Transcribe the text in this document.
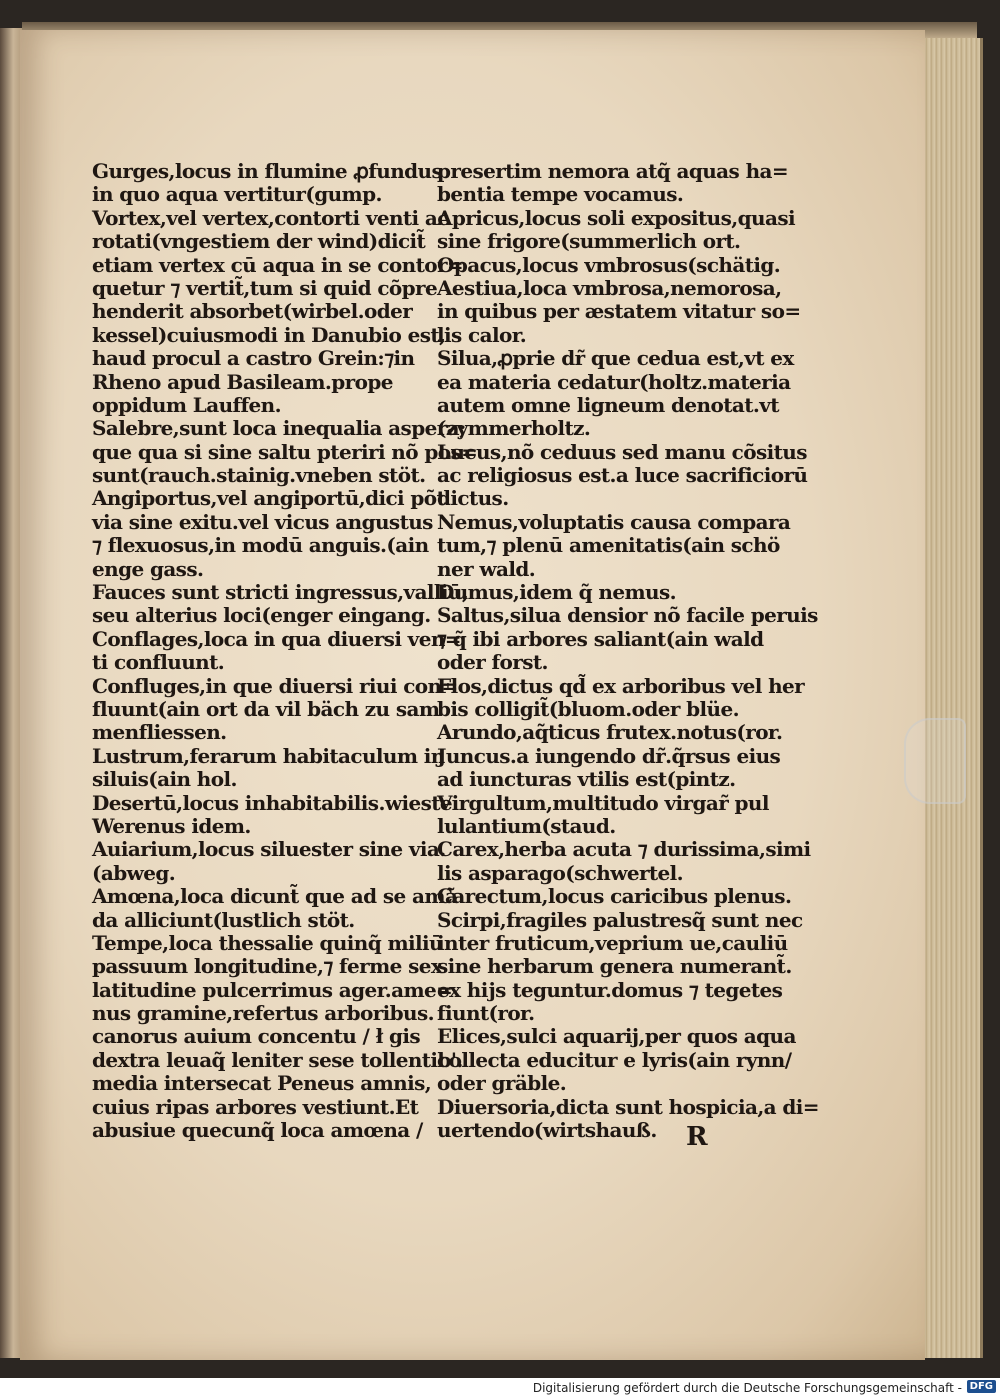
Gurges,locus in flumine ꝓfundus
in quo aqua vertitur(gump.
Vortex,vel vertex,contorti venti ac
rotati(vngestiem der wind)dicit̃
etiam vertex cū aqua in se contor=
quetur ⁊ vertit̃,tum si quid cõpre
henderit absorbet(wirbel.oder
kessel)cuiusmodi in Danubio est,
haud procul a castro Grein:⁊in
Rheno apud Basileam.prope
oppidum Lauffen.
Salebre,sunt loca inequalia aspera;
que qua si sine saltu pteriri nõ pos=
sunt(rauch.stainig.vneben stöt.
Angiportus,vel angiportū,dici põt
via sine exitu.vel vicus angustus
⁊ flexuosus,in modū anguis.(ain
enge gass.
Fauces sunt stricti ingressus,valliū,
seu alterius loci(enger eingang.
Conflages,loca in qua diuersi ven=
ti confluunt.
Confluges,in que diuersi riui con=
fluunt(ain ort da vil bäch zu sam
menfliessen.
Lustrum,ferarum habitaculum in
siluis(ain hol.
Desertū,locus inhabitabilis.wieste
Werenus idem.
Auiarium,locus siluester sine via.
(abweg.
Amœna,loca dicunt̃ que ad se amã
da alliciunt(lustlich stöt.
Tempe,loca thessalie quinq̃ miliū
passuum longitudine,⁊ ferme sex
latitudine pulcerrimus ager.ame=
nus gramine,refertus arboribus.
canorus auium concentu / ł gis
dextra leuaq̃ leniter sese tollentib'.
media intersecat Peneus amnis,
cuius ripas arbores vestiunt.Et
abusiue quecunq̃ loca amœna /
presertim nemora atq̃ aquas ha=
bentia tempe vocamus.
Apricus,locus soli expositus,quasi
sine frigore(summerlich ort.
Opacus,locus vmbrosus(schätig.
Aestiua,loca vmbrosa,nemorosa,
in quibus per æstatem vitatur so=
lis calor.
Silua,ꝓprie dr̃ que cedua est,vt ex
ea materia cedatur(holtz.materia
autem omne ligneum denotat.vt
(zymmerholtz.
Lucus,nõ ceduus sed manu cõsitus
ac religiosus est.a luce sacrificiorū
dictus.
Nemus,voluptatis causa compara
tum,⁊ plenū amenitatis(ain schö
ner wald.
Dumus,idem q̃ nemus.
Saltus,silua densior nõ facile peruis
⁊ q̃ ibi arbores saliant(ain wald
oder forst.
Flos,dictus qd̃ ex arboribus vel her
bis colligit̃(bluom.oder blüe.
Arundo,aq̃ticus frutex.notus(ror.
Juncus.a iungendo dr̃.q̃rsus eius
ad iuncturas vtilis est(pintz.
Virgultum,multitudo virgar̃ pul
lulantium(staud.
Carex,herba acuta ⁊ durissima,simi
lis asparago(schwertel.
Carectum,locus caricibus plenus.
Scirpi,fragiles palustresq̃ sunt nec
inter fruticum,veprium ue,cauliū
sine herbarum genera numerant̃.
ex hĳs teguntur.domus ⁊ tegetes
fiunt(ror.
Elices,sulci aquarij,per quos aqua
collecta educitur e lyris(ain rynn/
oder gräble.
Diuersoria,dicta sunt hospicia,a di=
uertendo(wirtshauß.	R
Digitalisierung gefördert durch die Deutsche Forschungsgemeinschaft - DFG
